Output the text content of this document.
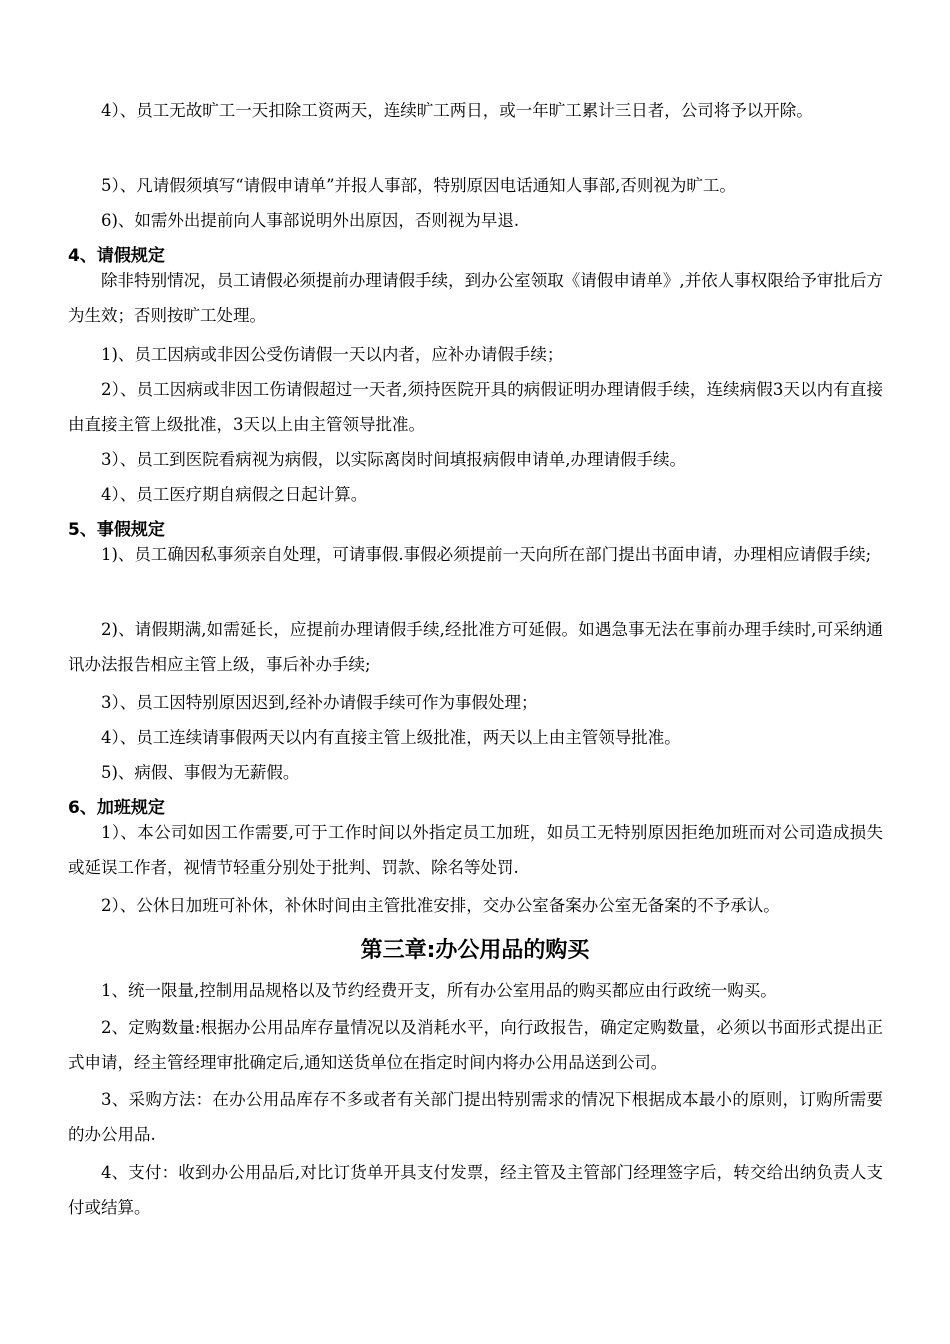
4）、员工无故旷工一天扣除工资两天，连续旷工两日，或一年旷工累计三日者，公司将予以开除。

5）、凡请假须填写“请假申请单”并报人事部，特别原因电话通知人事部,否则视为旷工。

6)、如需外出提前向人事部说明外出原因，否则视为早退.

4、请假规定

除非特别情况，员工请假必须提前办理请假手续，到办公室领取《请假申请单》,并依人事权限给予审批后方为生效；否则按旷工处理。

1)、员工因病或非因公受伤请假一天以内者，应补办请假手续；

2）、员工因病或非因工伤请假超过一天者,须持医院开具的病假证明办理请假手续，连续病假3天以内有直接由直接主管上级批准，3天以上由主管领导批准。

3）、员工到医院看病视为病假，以实际离岗时间填报病假申请单,办理请假手续。

4）、员工医疗期自病假之日起计算。

5、事假规定

1)、员工确因私事须亲自处理，可请事假.事假必须提前一天向所在部门提出书面申请，办理相应请假手续;

2)、请假期满,如需延长，应提前办理请假手续,经批准方可延假。如遇急事无法在事前办理手续时,可采纳通讯办法报告相应主管上级，事后补办手续;

3）、员工因特别原因迟到,经补办请假手续可作为事假处理；

4）、员工连续请事假两天以内有直接主管上级批准，两天以上由主管领导批准。

5)、病假、事假为无薪假。

6、加班规定

1）、本公司如因工作需要,可于工作时间以外指定员工加班，如员工无特别原因拒绝加班而对公司造成损失或延误工作者，视情节轻重分别处于批判、罚款、除名等处罚.

2）、公休日加班可补休，补休时间由主管批准安排，交办公室备案办公室无备案的不予承认。

第三章:办公用品的购买

1、统一限量,控制用品规格以及节约经费开支，所有办公室用品的购买都应由行政统一购买。

2、定购数量:根据办公用品库存量情况以及消耗水平，向行政报告，确定定购数量，必须以书面形式提出正式申请，经主管经理审批确定后,通知送货单位在指定时间内将办公用品送到公司。

3、采购方法：在办公用品库存不多或者有关部门提出特别需求的情况下根据成本最小的原则，订购所需要的办公用品.

4、支付：收到办公用品后,对比订货单开具支付发票，经主管及主管部门经理签字后，转交给出纳负责人支付或结算。
